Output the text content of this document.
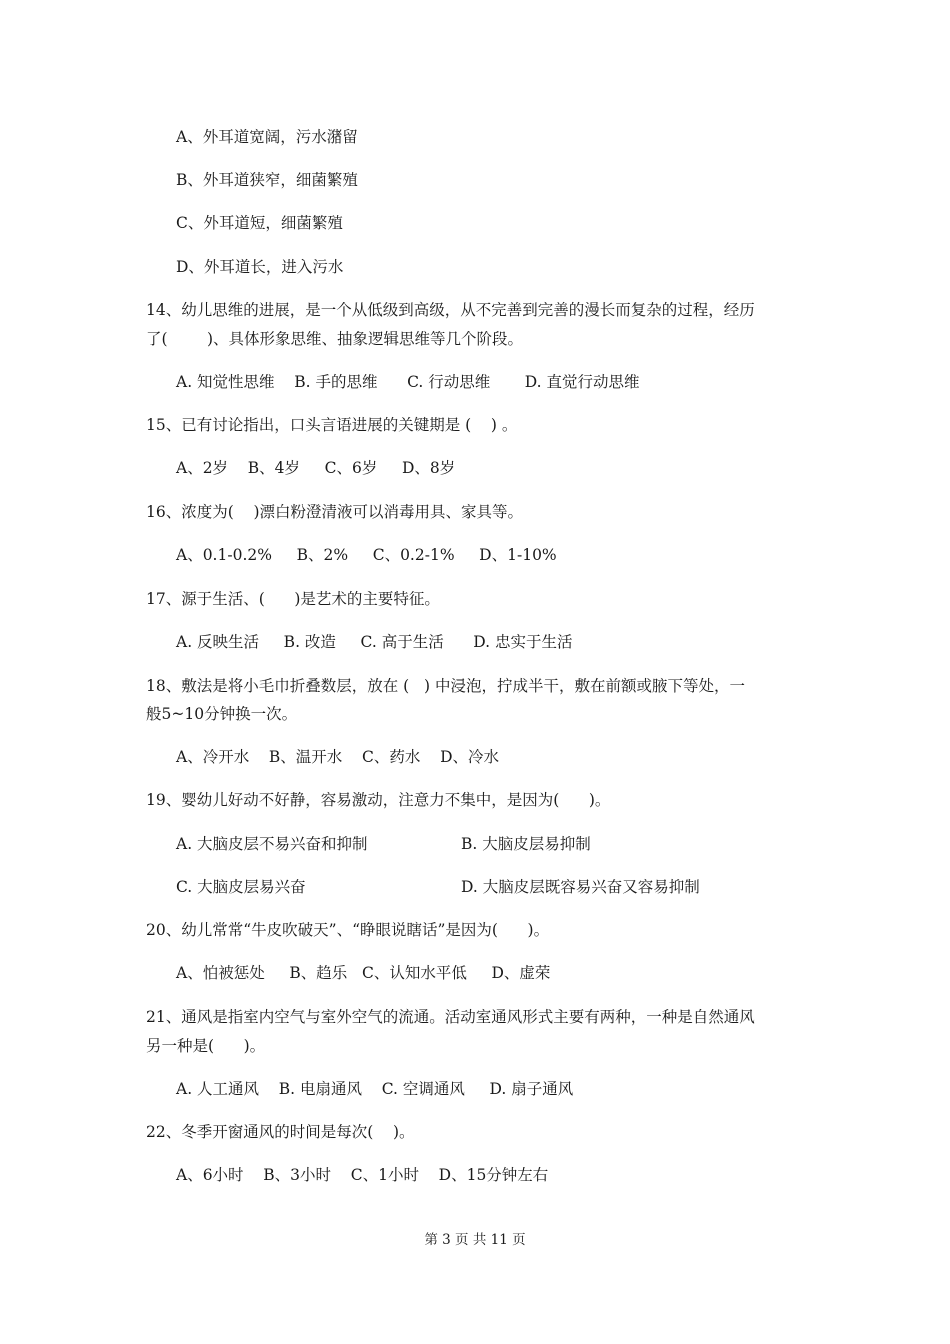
A、外耳道宽阔，污水潴留
B、外耳道狭窄，细菌繁殖
C、外耳道短，细菌繁殖
D、外耳道长，进入污水
14、幼儿思维的进展，是一个从低级到高级，从不完善到完善的漫长而复杂的过程，经历
了(        )、具体形象思维、抽象逻辑思维等几个阶段。
A. 知觉性思维    B. 手的思维      C. 行动思维       D. 直觉行动思维
15、已有讨论指出，口头言语进展的关键期是 (    ) 。
A、2岁    B、4岁     C、6岁     D、8岁
16、浓度为(    )漂白粉澄清液可以消毒用具、家具等。
A、0.1-0.2%     B、2%     C、0.2-1%     D、1-10%
17、源于生活、(      )是艺术的主要特征。
A. 反映生活     B. 改造     C. 高于生活      D. 忠实于生活
18、敷法是将小毛巾折叠数层，放在 (   ) 中浸泡，拧成半干，敷在前额或腋下等处，一
般5~10分钟换一次。
A、冷开水    B、温开水    C、药水    D、冷水
19、婴幼儿好动不好静，容易激动，注意力不集中，是因为(      )。
A. 大脑皮层不易兴奋和抑制	B. 大脑皮层易抑制
C. 大脑皮层易兴奋	D. 大脑皮层既容易兴奋又容易抑制
20、幼儿常常“牛皮吹破天”、“睁眼说瞎话”是因为(      )。
A、怕被惩处     B、趋乐   C、认知水平低     D、虚荣
21、通风是指室内空气与室外空气的流通。活动室通风形式主要有两种，一种是自然通风
另一种是(      )。
A. 人工通风    B. 电扇通风    C. 空调通风     D. 扇子通风
22、冬季开窗通风的时间是每次(    )。
A、6小时    B、3小时    C、1小时    D、15分钟左右
第 3 页 共 11 页
